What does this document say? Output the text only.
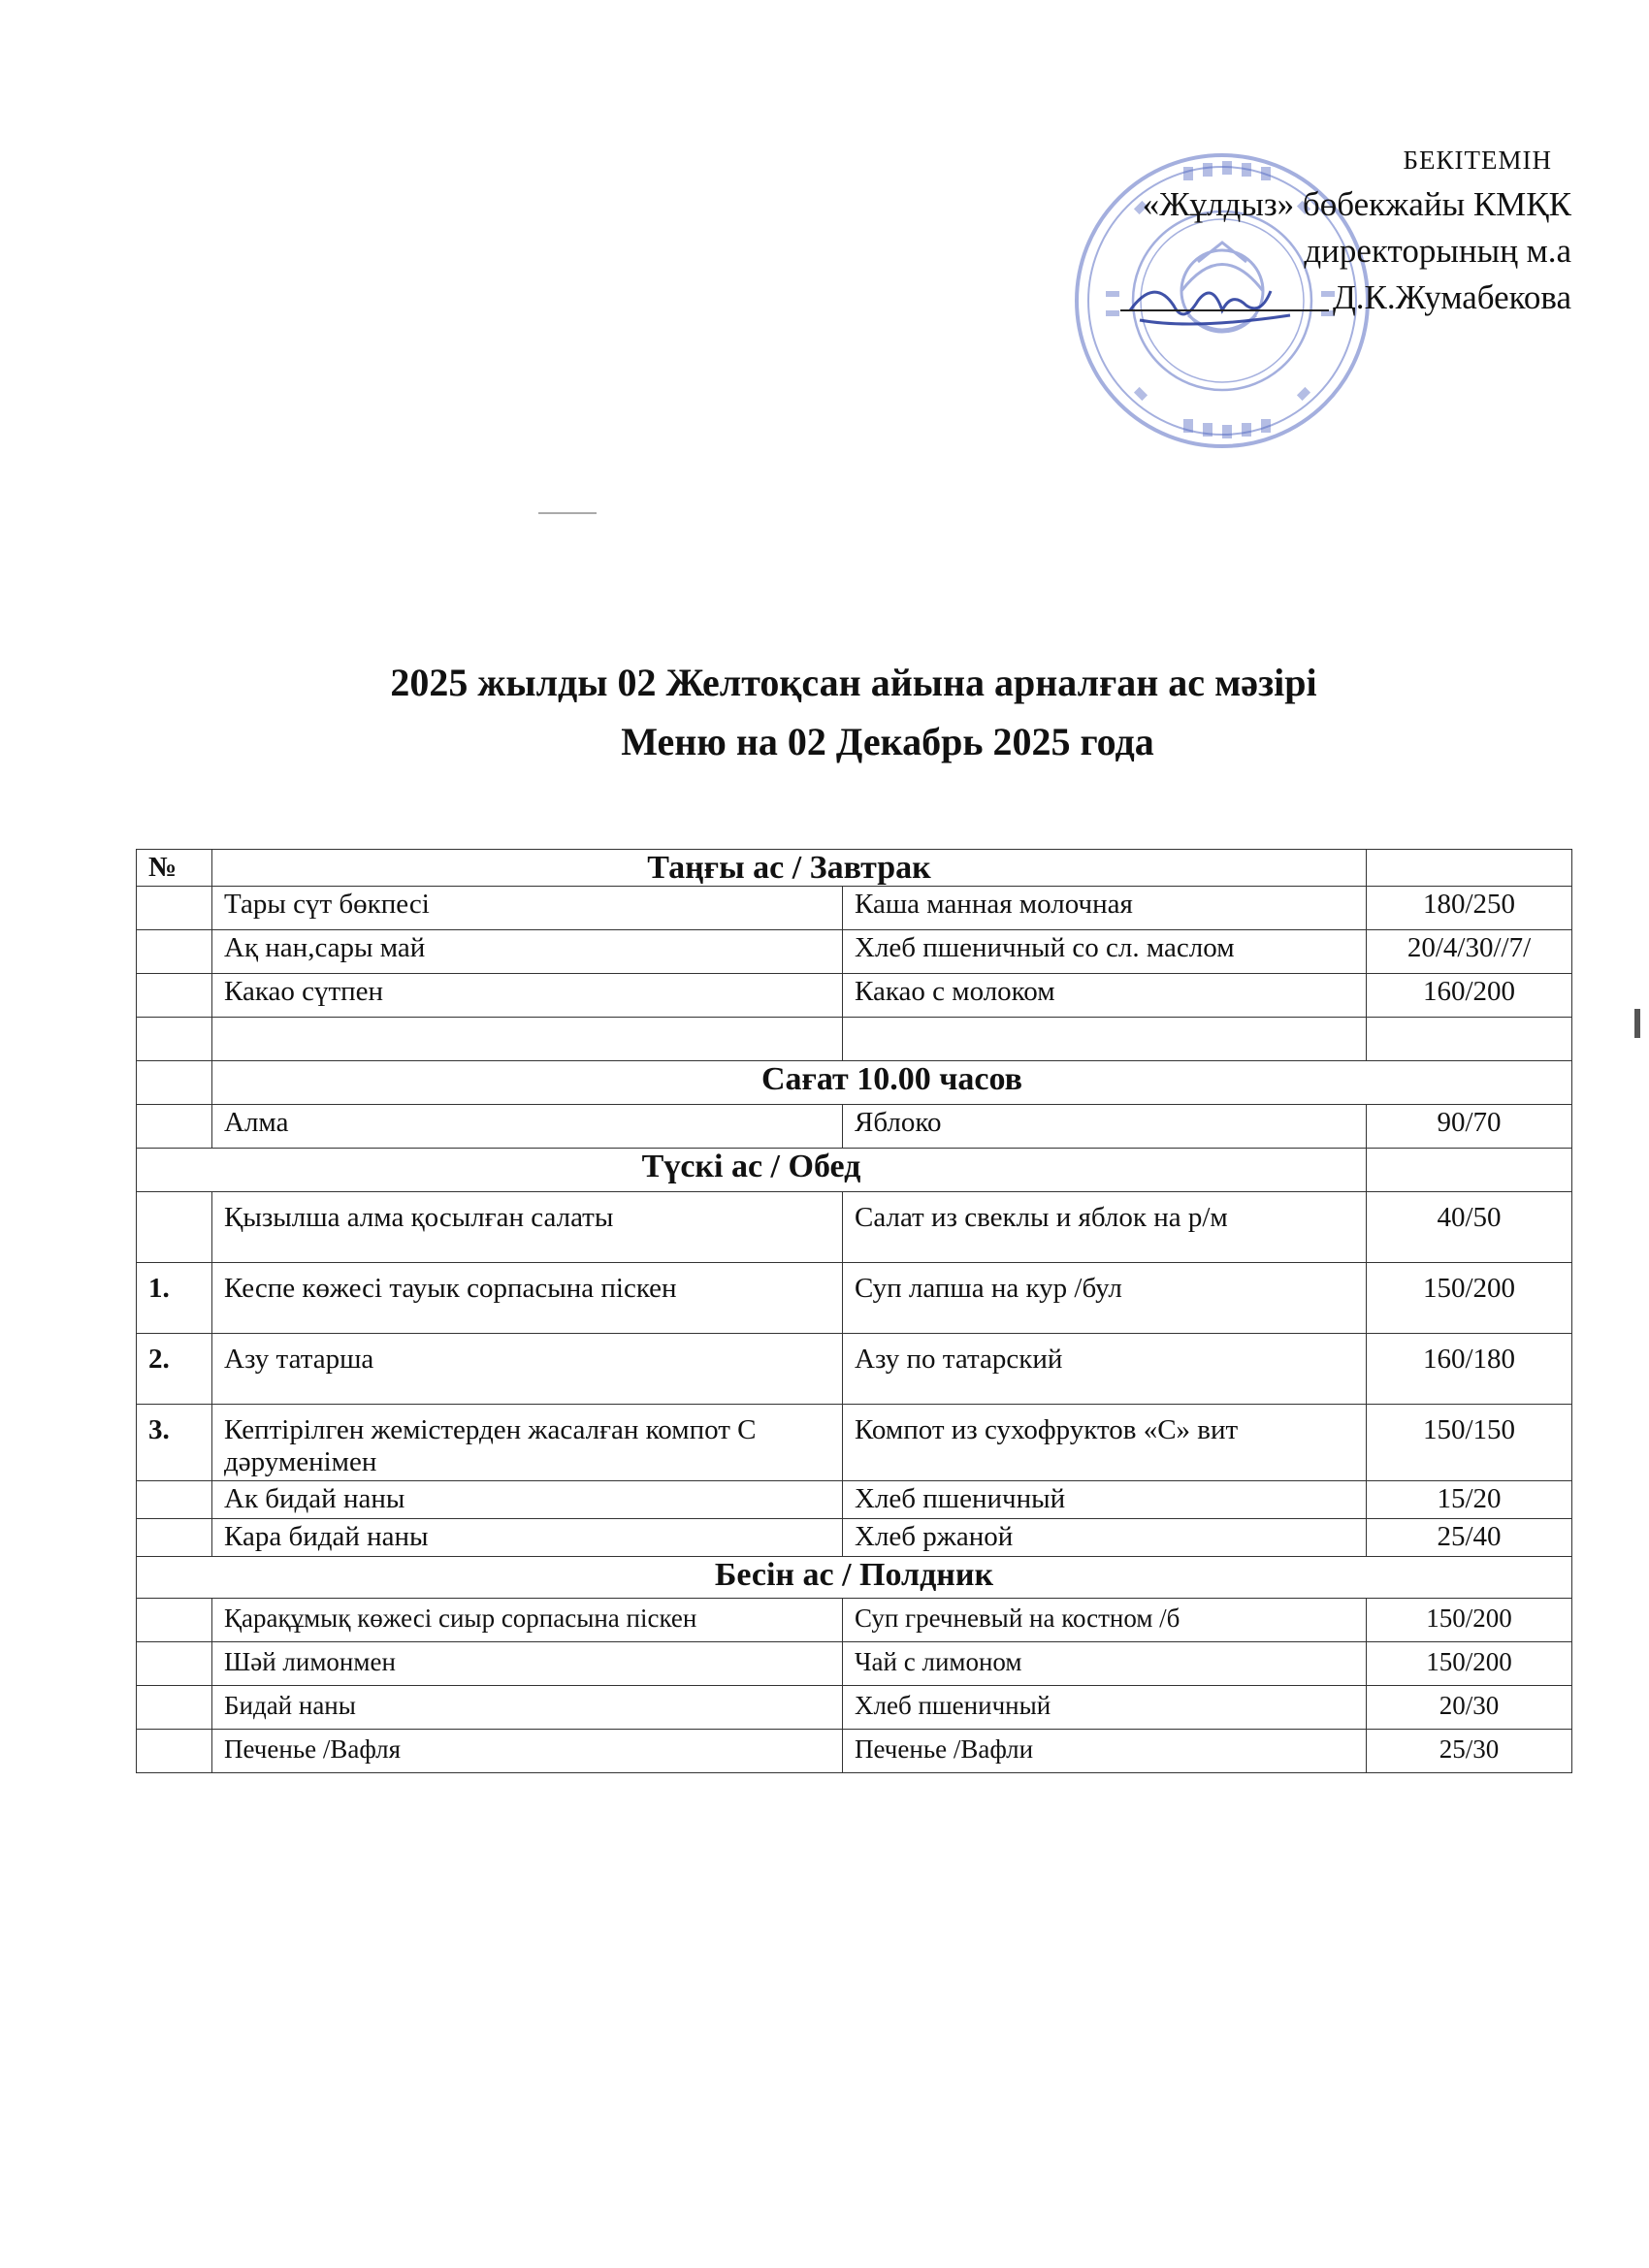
БЕКІТЕМІН

«Жұлдыз» бөбекжайы КМҚК

директорының м.а

Д.К.Жумабекова

2025 жылды 02 Желтоқсан айына арналған ас мәзірі
Меню на 02 Декабрь 2025 года
№	Таңғы ас / Завтрак		
	Тары сүт бөкпесі	Каша манная молочная	180/250
	Ақ нан,сары май	Хлеб пшеничный со сл. маслом	20/4/30//7/
	Какао сүтпен	Какао с молоком	160/200

	Сағат 10.00 часов		
	Алма	Яблоко	90/70
Түскі ас / Обед			
	Қызылша алма қосылған салаты	Салат из свеклы и яблок на р/м	40/50
1.	Кеспе көжесі тауык сорпасына піскен	Суп лапша на кур /бул	150/200
2.	Азу татарша	Азу по татарский	160/180
3.	Кептірілген жемістерден жасалған компот С дәруменімен	Компот из сухофруктов «С» вит	150/150
	Ак бидай наны	Хлеб пшеничный	15/20
	Кара бидай наны	Хлеб ржаной	25/40
Бесін ас / Полдник			
	Қарақұмық көжесі сиыр сорпасына піскен	Суп гречневый на костном /б	150/200
	Шәй лимонмен	Чай с лимоном	150/200
	Бидай наны	Хлеб пшеничный	20/30
	Печенье /Вафля	Печенье /Вафли	25/30
